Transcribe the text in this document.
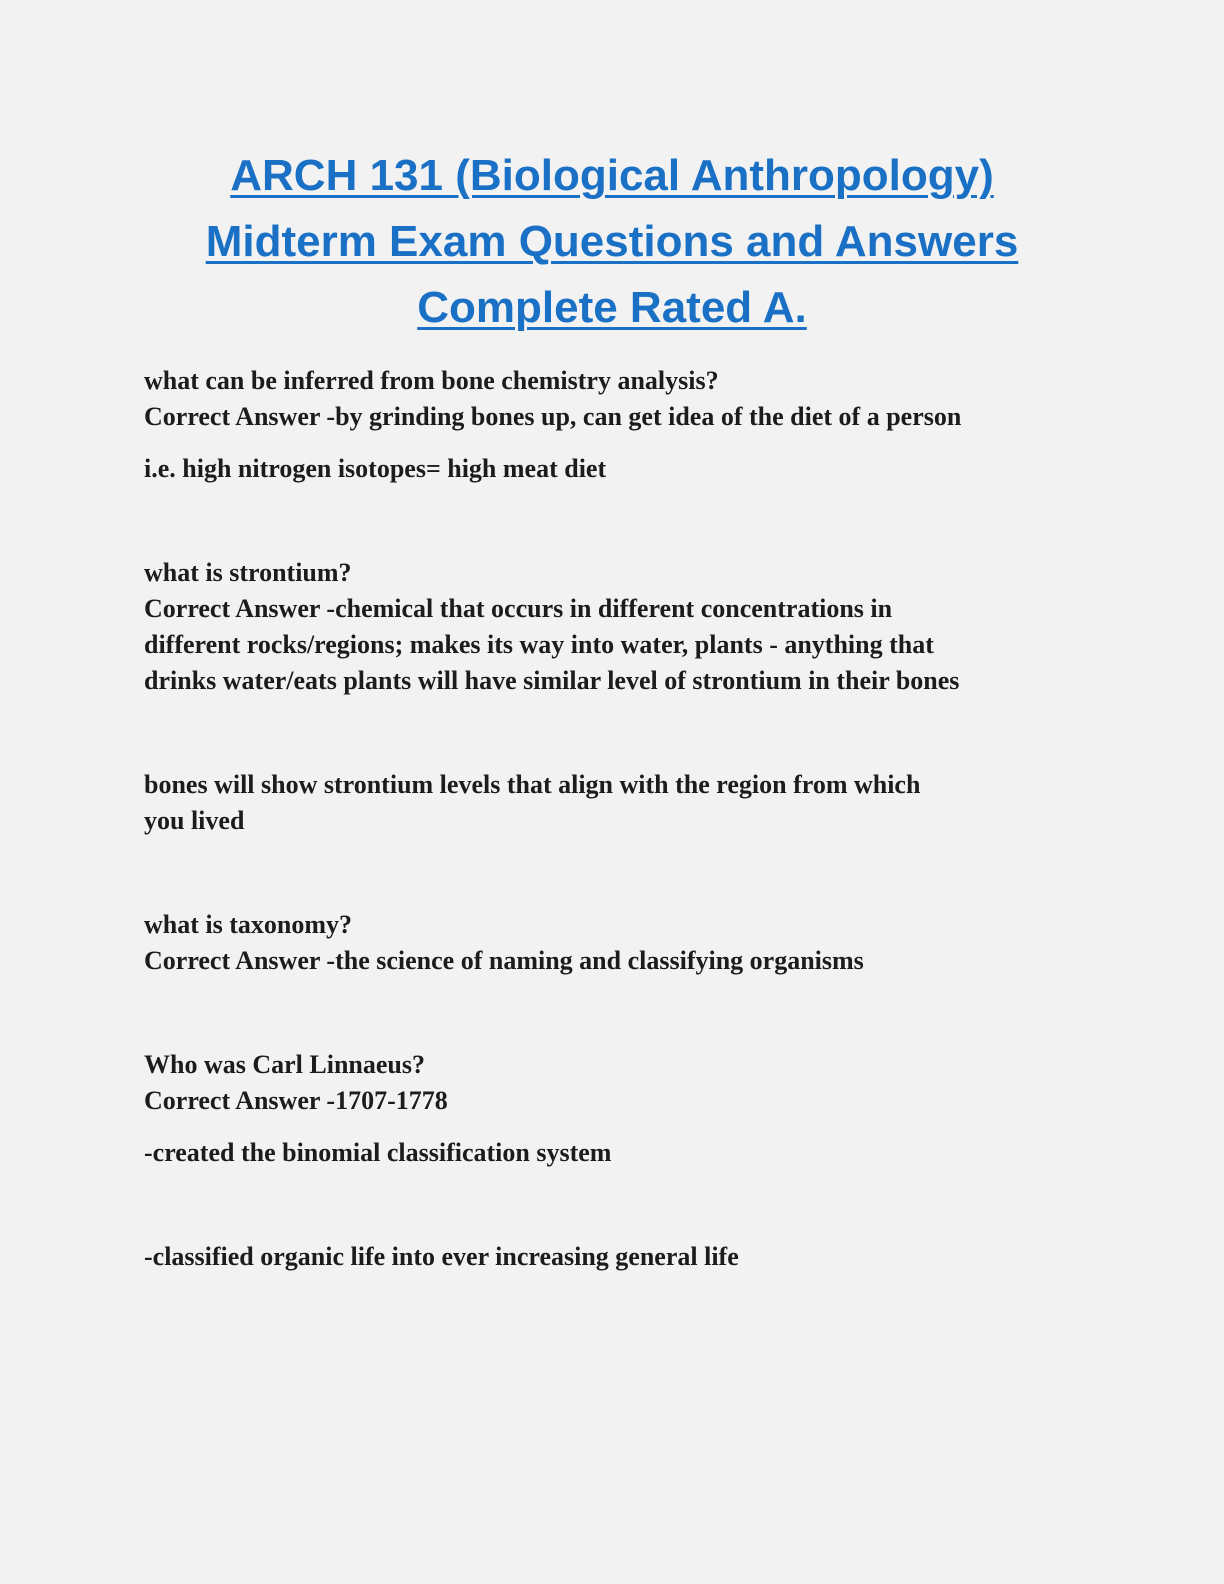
ARCH 131 (Biological Anthropology)
Midterm Exam Questions and Answers
Complete Rated A.

what can be inferred from bone chemistry analysis?

Correct Answer -by grinding bones up, can get idea of the diet of a person

i.e. high nitrogen isotopes= high meat diet

what is strontium?

Correct Answer -chemical that occurs in different concentrations in

different rocks/regions; makes its way into water, plants - anything that

drinks water/eats plants will have similar level of strontium in their bones

bones will show strontium levels that align with the region from which

you lived

what is taxonomy?

Correct Answer -the science of naming and classifying organisms

Who was Carl Linnaeus?

Correct Answer -1707-1778

-created the binomial classification system

-classified organic life into ever increasing general life
